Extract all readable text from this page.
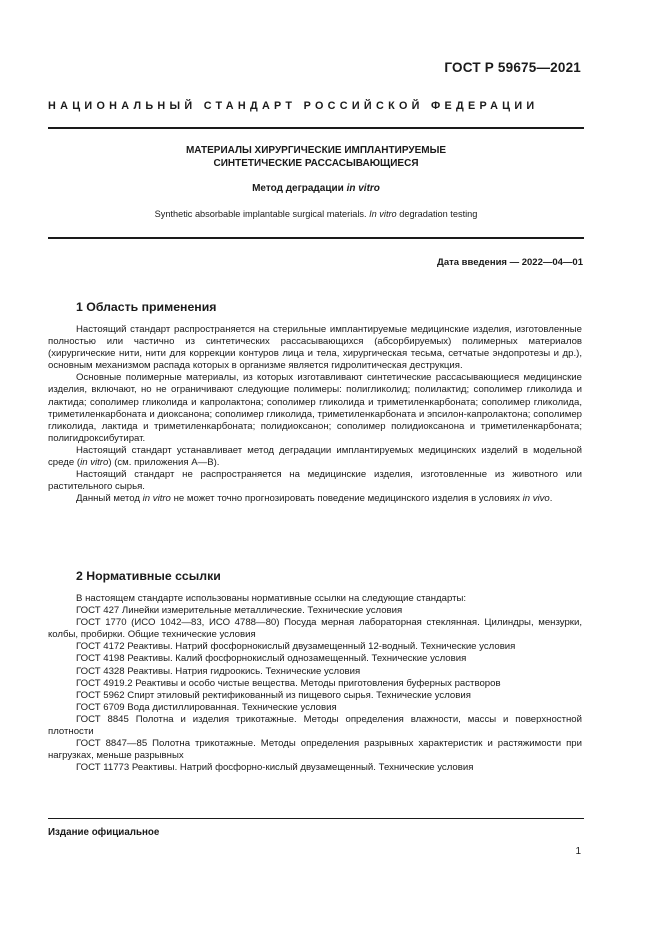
ГОСТ Р 59675—2021
НАЦИОНАЛЬНЫЙ СТАНДАРТ РОССИЙСКОЙ ФЕДЕРАЦИИ
МАТЕРИАЛЫ ХИРУРГИЧЕСКИЕ ИМПЛАНТИРУЕМЫЕ
СИНТЕТИЧЕСКИЕ РАССАСЫВАЮЩИЕСЯ
Метод деградации in vitro
Synthetic absorbable implantable surgical materials. In vitro degradation testing
Дата введения — 2022—04—01
1 Область применения

Настоящий стандарт распространяется на стерильные имплантируемые медицинские изделия, изготовленные полностью или частично из синтетических рассасывающихся (абсорбируемых) полимерных материалов (хирургические нити, нити для коррекции контуров лица и тела, хирургическая тесьма, сетчатые эндопротезы и др.), основным механизмом распада которых в организме является гидролитическая деструкция.

Основные полимерные материалы, из которых изготавливают синтетические рассасывающиеся медицинские изделия, включают, но не ограничивают следующие полимеры: полигликолид; полилактид; сополимер гликолида и лактида; сополимер гликолида и капролактона; сополимер гликолида и триметиленкарбоната; сополимер гликолида, триметиленкарбоната и диоксанона; сополимер гликолида, триметиленкарбоната и эпсилон-капролактона; сополимер гликолида, лактида и триметиленкарбоната; полидиоксанон; сополимер полидиоксанона и триметиленкарбоната; полигидроксибутират.

Настоящий стандарт устанавливает метод деградации имплантируемых медицинских изделий в модельной среде (in vitro) (см. приложения А—В).

Настоящий стандарт не распространяется на медицинские изделия, изготовленные из животного или растительного сырья.

Данный метод in vitro не может точно прогнозировать поведение медицинского изделия в условиях in vivo.

2 Нормативные ссылки

В настоящем стандарте использованы нормативные ссылки на следующие стандарты:

ГОСТ 427 Линейки измерительные металлические. Технические условия

ГОСТ 1770 (ИСО 1042—83, ИСО 4788—80) Посуда мерная лабораторная стеклянная. Цилиндры, мензурки, колбы, пробирки. Общие технические условия

ГОСТ 4172 Реактивы. Натрий фосфорнокислый двузамещенный 12-водный. Технические условия

ГОСТ 4198 Реактивы. Калий фосфорнокислый однозамещенный. Технические условия

ГОСТ 4328 Реактивы. Натрия гидроокись. Технические условия

ГОСТ 4919.2 Реактивы и особо чистые вещества. Методы приготовления буферных растворов

ГОСТ 5962 Спирт этиловый ректификованный из пищевого сырья. Технические условия

ГОСТ 6709 Вода дистиллированная. Технические условия

ГОСТ 8845 Полотна и изделия трикотажные. Методы определения влажности, массы и поверхностной плотности

ГОСТ 8847—85 Полотна трикотажные. Методы определения разрывных характеристик и растяжимости при нагрузках, меньше разрывных

ГОСТ 11773 Реактивы. Натрий фосфорно-кислый двузамещенный. Технические условия

Издание официальное
1
